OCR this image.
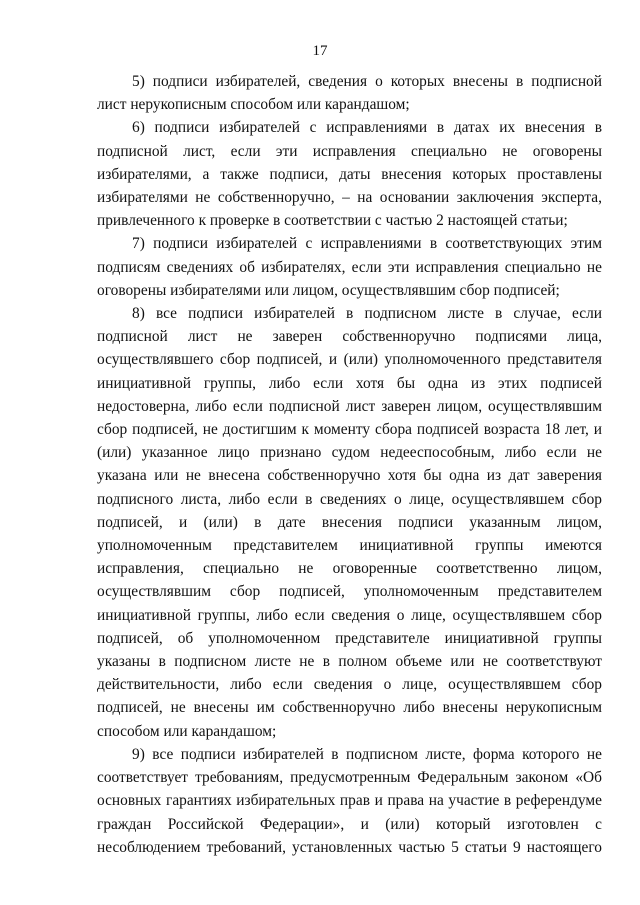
17

5) подписи избирателей, сведения о которых внесены в подписной лист нерукописным способом или карандашом;

6) подписи избирателей с исправлениями в датах их внесения в подписной лист, если эти исправления специально не оговорены избирателями, а также подписи, даты внесения которых проставлены избирателями не собственноручно, – на основании заключения эксперта, привлеченного к проверке в соответствии с частью 2 настоящей статьи;

7) подписи избирателей с исправлениями в соответствующих этим подписям сведениях об избирателях, если эти исправления специально не оговорены избирателями или лицом, осуществлявшим сбор подписей;

8) все подписи избирателей в подписном листе в случае, если подписной лист не заверен собственноручно подписями лица, осуществлявшего сбор подписей, и (или) уполномоченного представителя инициативной группы, либо если хотя бы одна из этих подписей недостоверна, либо если подписной лист заверен лицом, осуществлявшим сбор подписей, не достигшим к моменту сбора подписей возраста 18 лет, и (или) указанное лицо признано судом недееспособным, либо если не указана или не внесена собственноручно хотя бы одна из дат заверения подписного листа, либо если в сведениях о лице, осуществлявшем сбор подписей, и (или) в дате внесения подписи указанным лицом, уполномоченным представителем инициативной группы имеются исправления, специально не оговоренные соответственно лицом, осуществлявшим сбор подписей, уполномоченным представителем инициативной группы, либо если сведения о лице, осуществлявшем сбор подписей, об уполномоченном представителе инициативной группы указаны в подписном листе не в полном объеме или не соответствуют действительности, либо если сведения о лице, осуществлявшем сбор подписей, не внесены им собственноручно либо внесены нерукописным способом или карандашом;

9) все подписи избирателей в подписном листе, форма которого не соответствует требованиям, предусмотренным Федеральным законом «Об основных гарантиях избирательных прав и права на участие в референдуме граждан Российской Федерации», и (или) который изготовлен с несоблюдением требований, установленных частью 5 статьи 9 настоящего
